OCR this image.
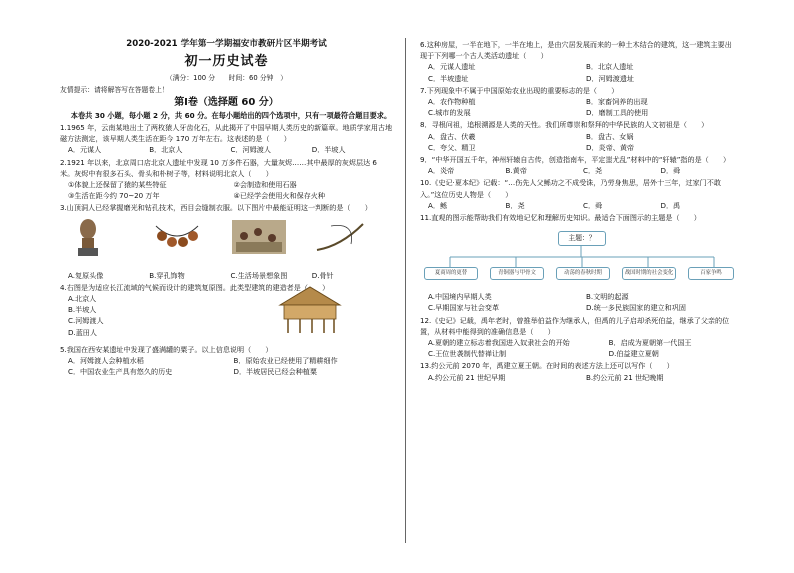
2020-2021 学年第一学期福安市教研片区半期考试
初一历史试卷
（满分：100 分　　时间：60 分钟　）
友情提示：请将解答写在答题卷上！
第Ⅰ卷（选择题 60 分）
本卷共 30 小题，每小题 2 分，共 60 分。在每小题给出的四个选项中，只有一项最符合题目要求。
1.1965 年，云南某地出土了两枚猿人牙齿化石，从此揭开了中国早期人类历史的新篇章。地质学家用古地磁方法测定，该早期人类生活在距今 170 万年左右。这表述的是（　　）
A．元谋人	B．北京人	C．河姆渡人	D．半坡人
2.1921 年以来，北京周口店北京人遗址中发现 10 万多件石器，大量灰烬……其中最厚的灰烬层达 6 米。灰烬中有很多石头、骨头和朴树子等，材料说明北京人（　　）
①体貌上还保留了猿的某些特征	②会制造和使用石器
③生活在距今约 70~20 万年	④已经学会使用火和保存火种
3.山顶洞人已经掌握磨光和钻孔技术，西目会缝制衣服。以下图片中最能证明这一判断的是（　　）
A.复原头像	B.穿孔饰物	C.生活场景想象图	D.骨针
4.右图是为适应长江流域的气候而设计的建筑复原图。此类型建筑的建造者是（　　）
A.北京人
B.半坡人
C.河姆渡人
D.蓝田人
5.我国在西安某遗址中发现了盛满罐的粟子。以上信息说明（　　）
A．河姆渡人会种植水稻	B．原始农业已经使用了精耕细作
C．中国农业生产具有悠久的历史	D．半坡居民已经会种植粟
6.这种房屋，一半在地下，一半在地上，是由穴居发展而来的一种土木结合的建筑，这一建筑主要出现于下列哪一个古人类活动遗址（　　）
A．元谋人遗址	B．北京人遗址
C．半坡遗址	D．河姆渡遗址
7.下列现象中不属于中国原始农业出现的重要标志的是（　　）
A．农作物种植	B．家畜饲养的出现
C.城市的发展	D．磨制工具的使用
8．寻根问祖，追根溯源是人类的天性。我们所尊崇和祭拜的中华民族的人文初祖是（　　）
A．盘古、伏羲	B．盘古、女娲
C．夸父、精卫	D．炎帝、黄帝
9．“中华开国五千年，神州轩辕自古传，创造指南车，平定蚩尤乱”材料中的“轩辕”指的是（　　）
A．炎帝	B.黄帝	C．尧	D．舜
10.《史记·夏本纪》记载：“…伤先人父鲧功之不成受诛，乃劳身焦思，居外十三年，过家门不敢入。”这位历史人物是（　　）
A．鲧	B．尧	C．舜	D．禹
11.直观的图示能帮助我们有效地记忆和理解历史知识。最适合下面图示的主题是（　　）
主题：？
夏商周的更替	青铜器与甲骨文	动荡的春秋时期	战国时期的社会变化	百家争鸣
A.中国境内早期人类	B.文明的起源
C.早期国家与社会变革	D.统一多民族国家的建立和巩固
12.《史记》记载，禹年老时，曾推举伯益作为继承人，但禹的儿子启却杀死伯益，继承了父亲的位置，从材料中能得到的准确信息是（　　）
A.夏朝的建立标志着我国进入奴隶社会的开始	B．启成为夏朝第一代国王
C.王位世袭制代替禅让制	D.伯益建立夏朝
13.约公元前 2070 年，禹建立夏王朝。在时间的表述方法上还可以写作（　　）
A.约公元前 21 世纪早期	B.约公元前 21 世纪晚期
